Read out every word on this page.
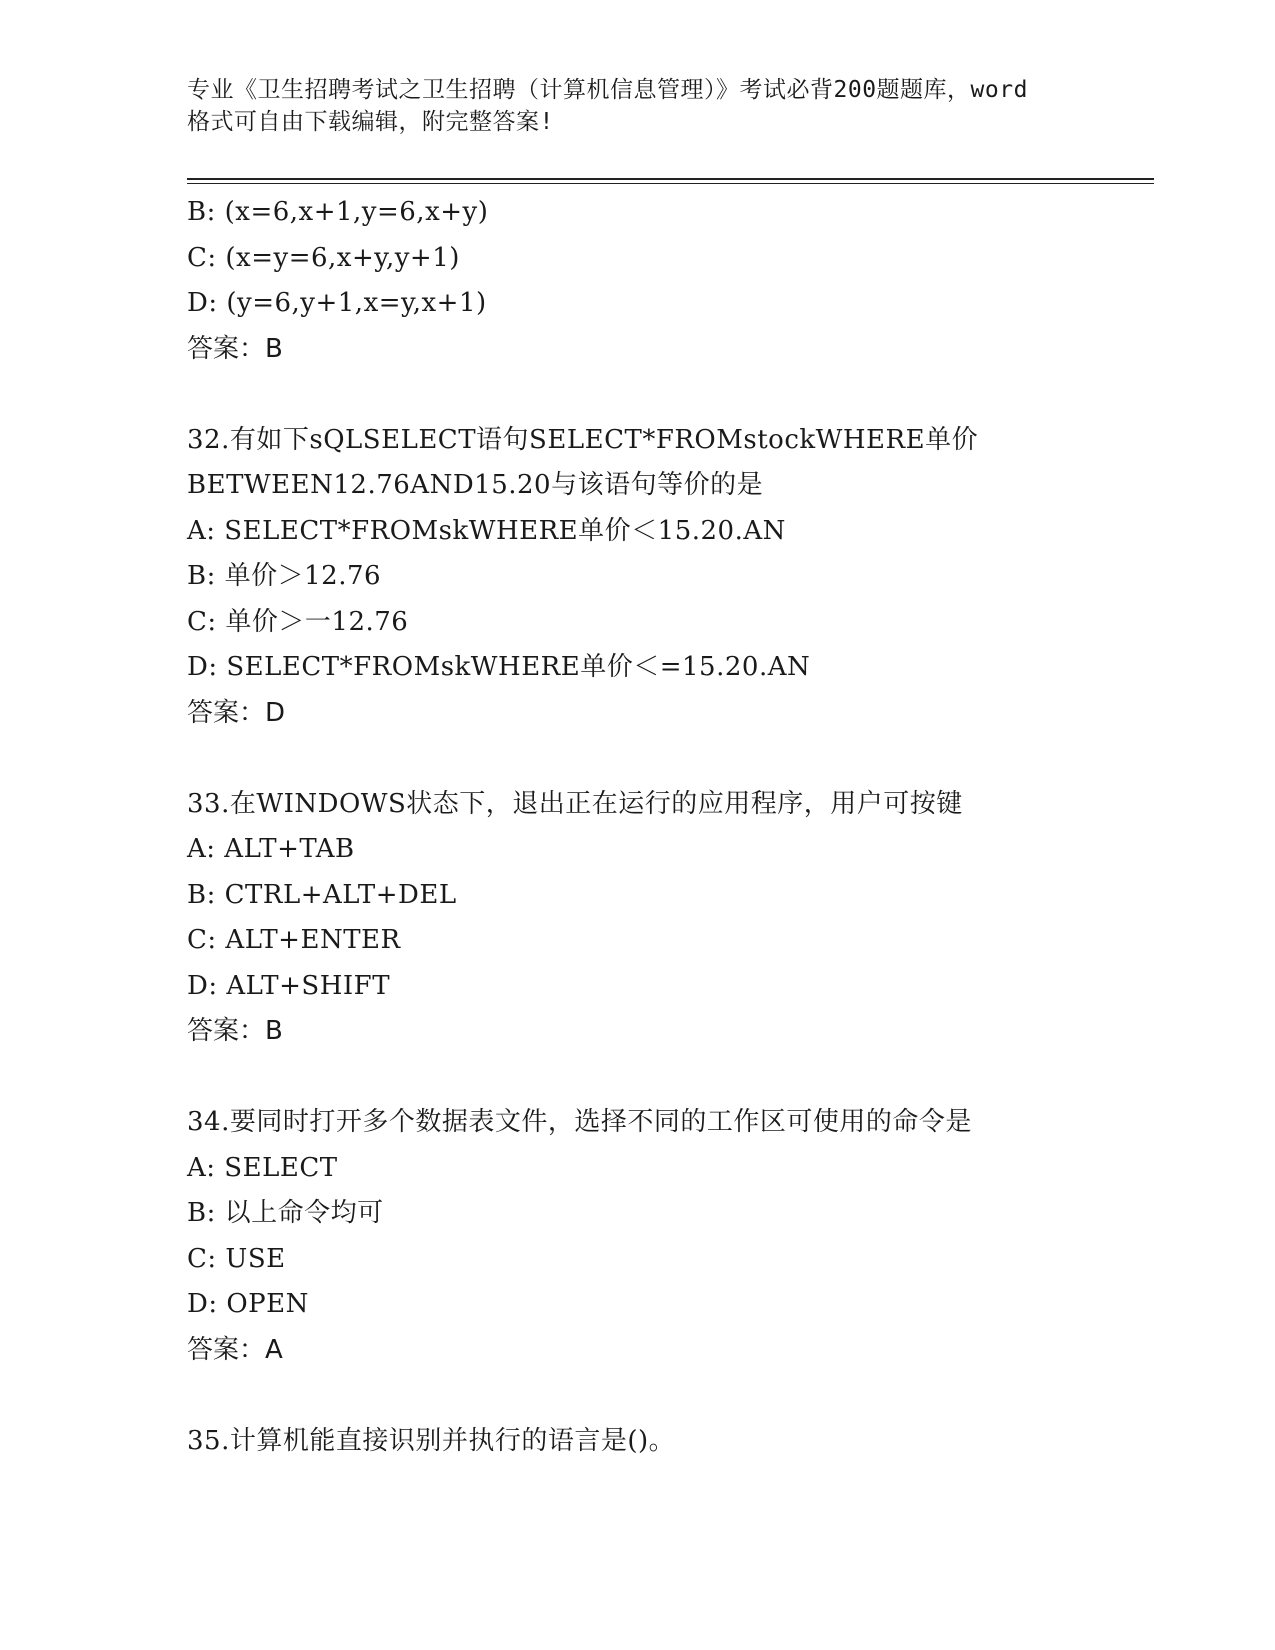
专业《卫生招聘考试之卫生招聘（计算机信息管理）》考试必背200题题库，word
格式可自由下载编辑，附完整答案!
B: (x=6,x+1,y=6,x+y)
C: (x=y=6,x+y,y+1)
D: (y=6,y+1,x=y,x+1)
答案：B
32.有如下sQLSELECT语句SELECT*FROMstockWHERE单价
BETWEEN12.76AND15.20与该语句等价的是
A: SELECT*FROMskWHERE单价＜15.20.AN
B: 单价＞12.76
C: 单价＞一12.76
D: SELECT*FROMskWHERE单价＜=15.20.AN
答案：D
33.在WINDOWS状态下，退出正在运行的应用程序，用户可按键
A: ALT+TAB
B: CTRL+ALT+DEL
C: ALT+ENTER
D: ALT+SHIFT
答案：B
34.要同时打开多个数据表文件，选择不同的工作区可使用的命令是
A: SELECT
B: 以上命令均可
C: USE
D: OPEN
答案：A
35.计算机能直接识别并执行的语言是()。
